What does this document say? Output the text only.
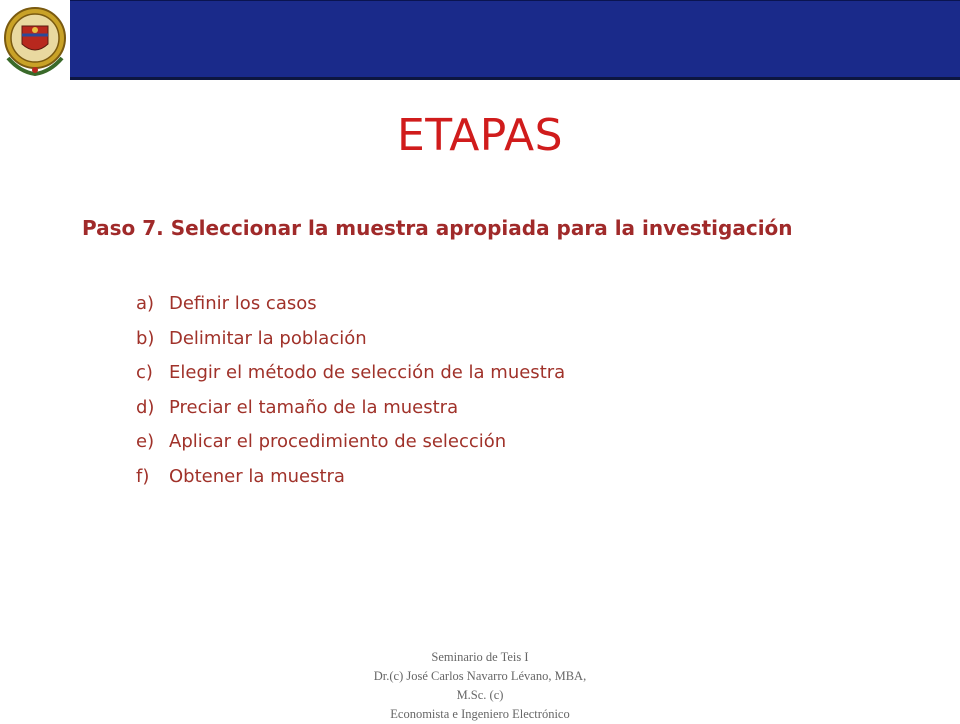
ETAPAS
Paso 7. Seleccionar la muestra apropiada para la investigación
a) Definir los casos
b) Delimitar la población
c) Elegir el método de selección de la muestra
d) Preciar el tamaño de la muestra
e) Aplicar el procedimiento de selección
f) Obtener la muestra
Seminario de Teis I
Dr.(c) José Carlos Navarro Lévano, MBA,
M.Sc. (c)
Economista e Ingeniero Electrónico
